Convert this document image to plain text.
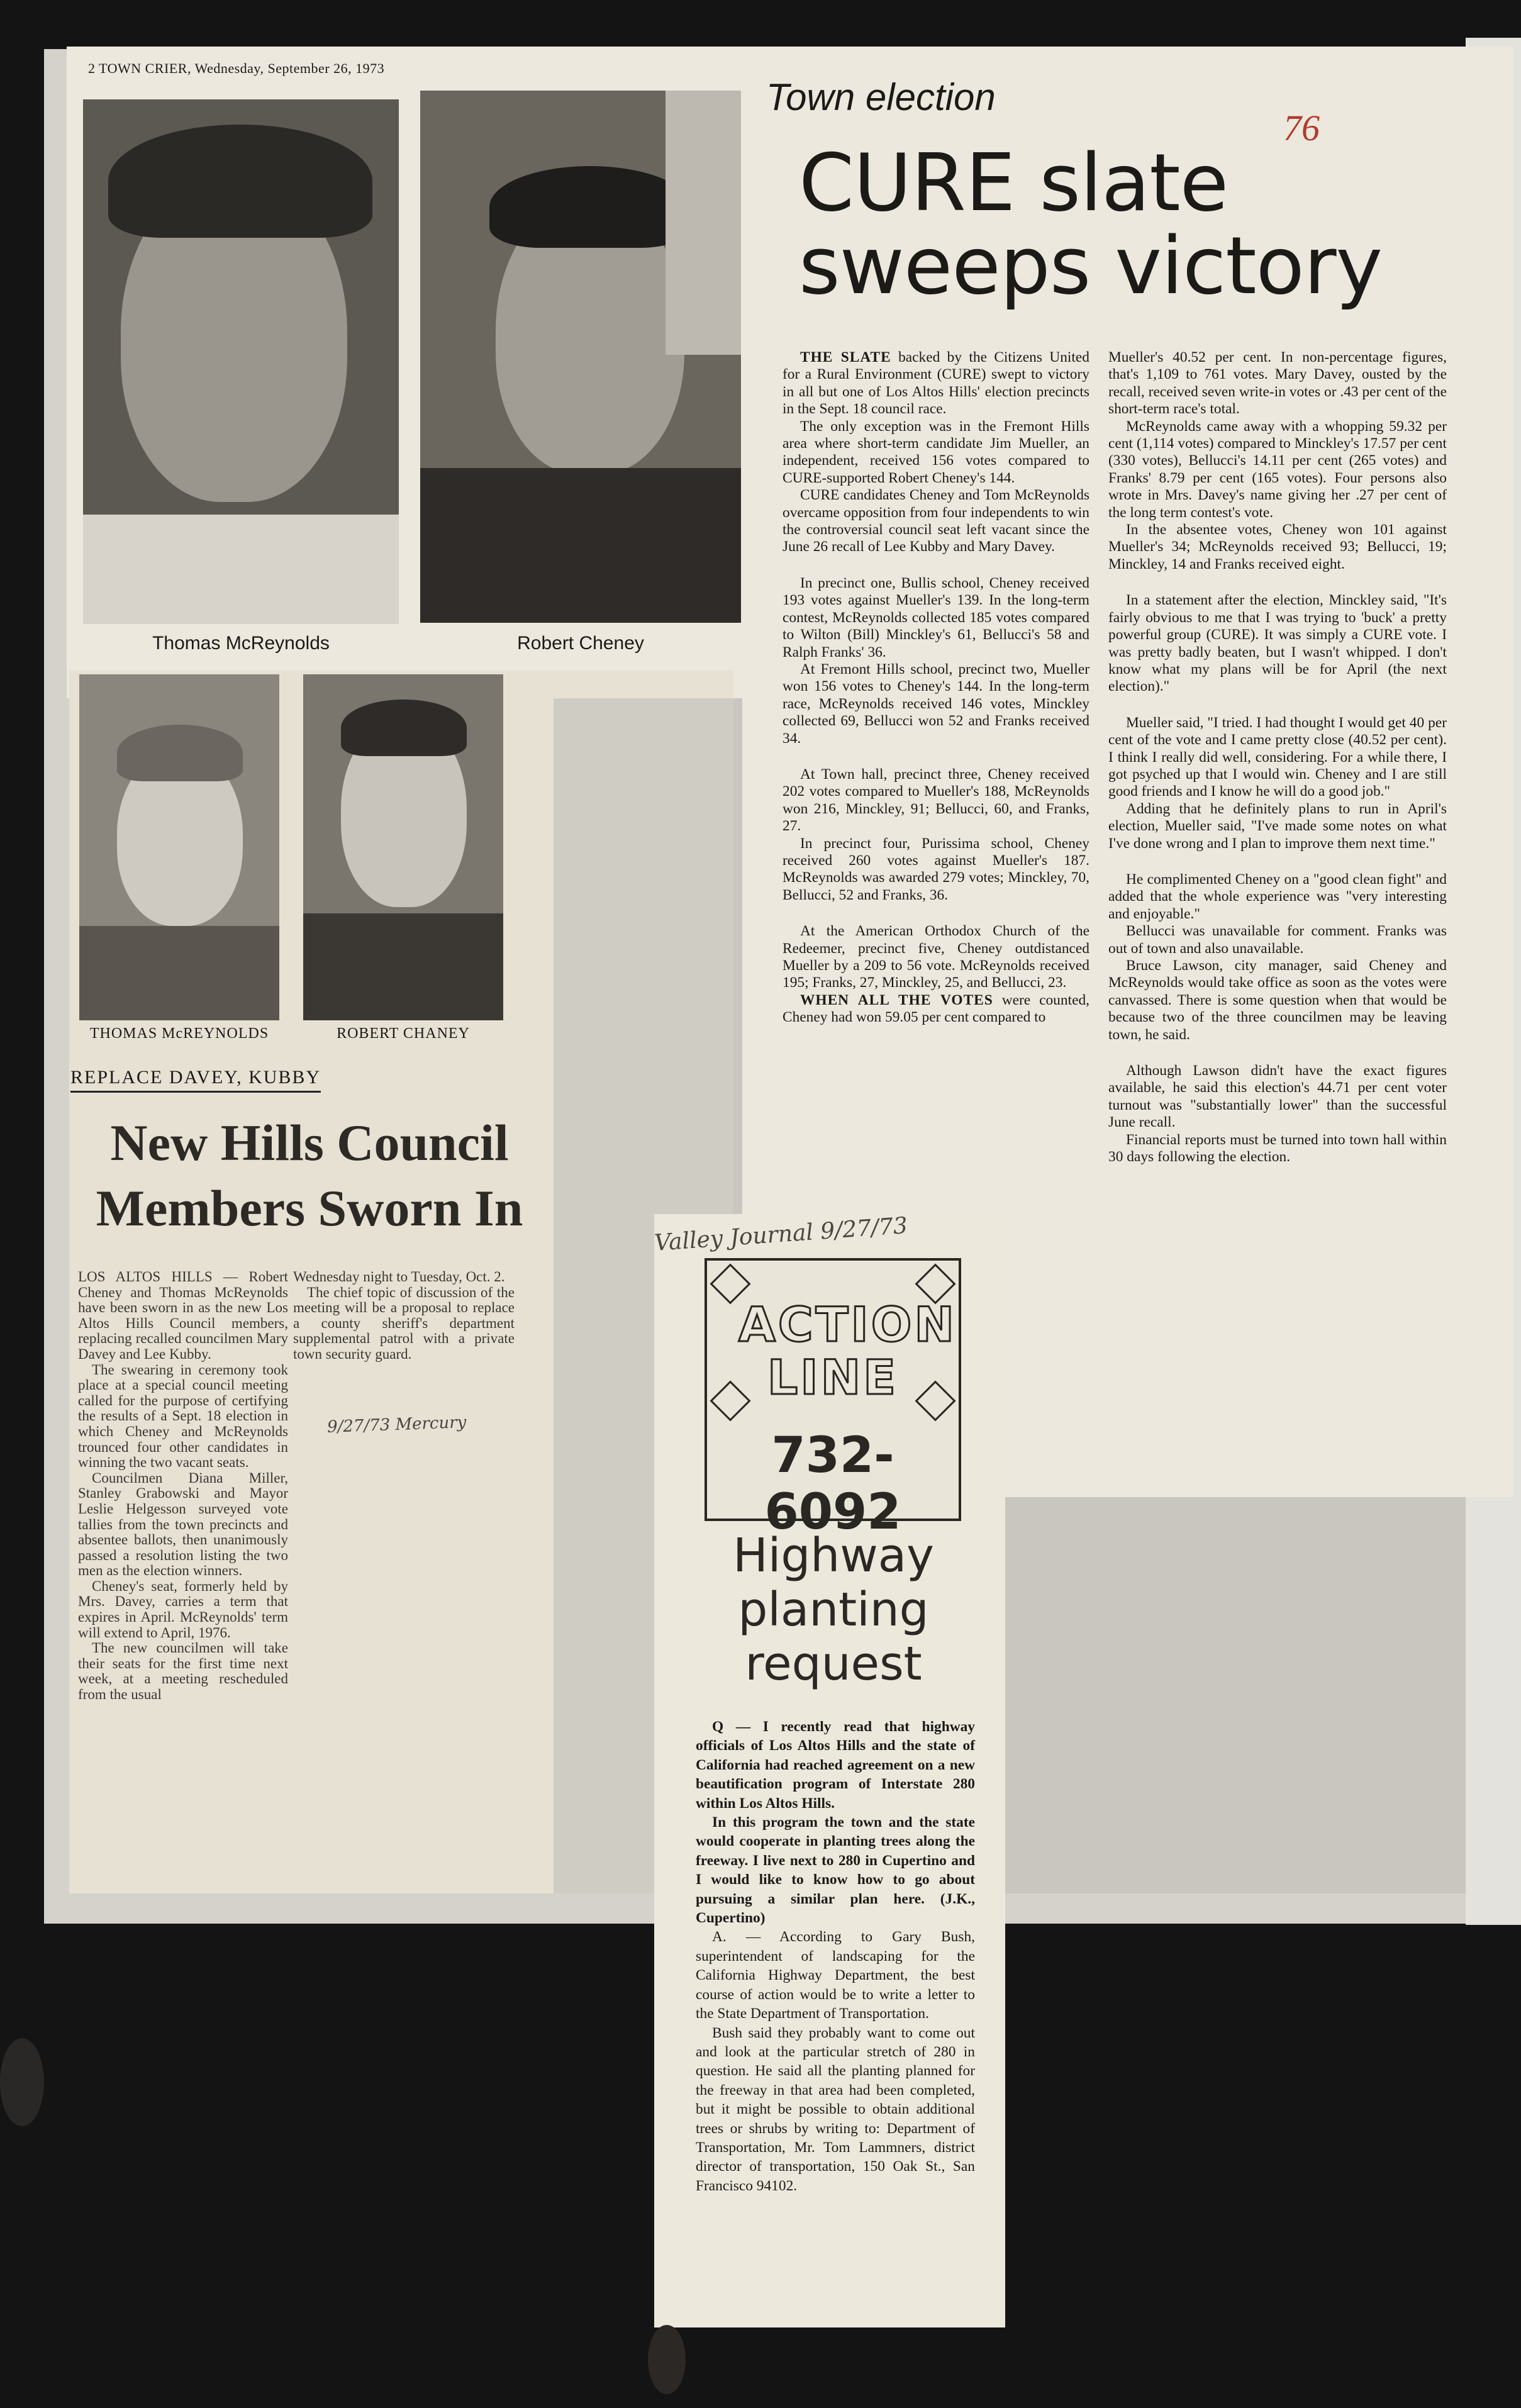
2 TOWN CRIER, Wednesday, September 26, 1973
76
Thomas McReynolds	Robert Cheney
Town election
CURE slate sweeps victory

THE SLATE backed by the Citizens United for a Rural Environment (CURE) swept to victory in all but one of Los Altos Hills' election precincts in the Sept. 18 council race.

The only exception was in the Fremont Hills area where short-term candidate Jim Mueller, an independent, received 156 votes compared to CURE-supported Robert Cheney's 144.

CURE candidates Cheney and Tom McReynolds overcame opposition from four independents to win the controversial council seat left vacant since the June 26 recall of Lee Kubby and Mary Davey.

In precinct one, Bullis school, Cheney received 193 votes against Mueller's 139. In the long-term contest, McReynolds collected 185 votes compared to Wilton (Bill) Minckley's 61, Bellucci's 58 and Ralph Franks' 36.

At Fremont Hills school, precinct two, Mueller won 156 votes to Cheney's 144. In the long-term race, McReynolds received 146 votes, Minckley collected 69, Bellucci won 52 and Franks received 34.

At Town hall, precinct three, Cheney received 202 votes compared to Mueller's 188, McReynolds won 216, Minckley, 91; Bellucci, 60, and Franks, 27.

In precinct four, Purissima school, Cheney received 260 votes against Mueller's 187. McReynolds was awarded 279 votes; Minckley, 70, Bellucci, 52 and Franks, 36.

At the American Orthodox Church of the Redeemer, precinct five, Cheney outdistanced Mueller by a 209 to 56 vote. McReynolds received 195; Franks, 27, Minckley, 25, and Bellucci, 23.

WHEN ALL THE VOTES were counted, Cheney had won 59.05 per cent compared to

Mueller's 40.52 per cent. In non-percentage figures, that's 1,109 to 761 votes. Mary Davey, ousted by the recall, received seven write-in votes or .43 per cent of the short-term race's total.

McReynolds came away with a whopping 59.32 per cent (1,114 votes) compared to Minckley's 17.57 per cent (330 votes), Bellucci's 14.11 per cent (265 votes) and Franks' 8.79 per cent (165 votes). Four persons also wrote in Mrs. Davey's name giving her .27 per cent of the long term contest's vote.

In the absentee votes, Cheney won 101 against Mueller's 34; McReynolds received 93; Bellucci, 19; Minckley, 14 and Franks received eight.

In a statement after the election, Minckley said, "It's fairly obvious to me that I was trying to 'buck' a pretty powerful group (CURE). It was simply a CURE vote. I was pretty badly beaten, but I wasn't whipped. I don't know what my plans will be for April (the next election)."

Mueller said, "I tried. I had thought I would get 40 per cent of the vote and I came pretty close (40.52 per cent). I think I really did well, considering. For a while there, I got psyched up that I would win. Cheney and I are still good friends and I know he will do a good job."

Adding that he definitely plans to run in April's election, Mueller said, "I've made some notes on what I've done wrong and I plan to improve them next time."

He complimented Cheney on a "good clean fight" and added that the whole experience was "very interesting and enjoyable."

Bellucci was unavailable for comment. Franks was out of town and also unavailable.

Bruce Lawson, city manager, said Cheney and McReynolds would take office as soon as the votes were canvassed. There is some question when that would be because two of the three councilmen may be leaving town, he said.

Although Lawson didn't have the exact figures available, he said this election's 44.71 per cent voter turnout was "substantially lower" than the successful June recall.

Financial reports must be turned into town hall within 30 days following the election.

THOMAS McREYNOLDS	ROBERT CHANEY
REPLACE DAVEY, KUBBY
New Hills Council Members Sworn In

LOS ALTOS HILLS — Robert Cheney and Thomas McReynolds have been sworn in as the new Los Altos Hills Council members, replacing recalled councilmen Mary Davey and Lee Kubby.

The swearing in ceremony took place at a special council meeting called for the purpose of certifying the results of a Sept. 18 election in which Cheney and McReynolds trounced four other candidates in winning the two vacant seats.

Councilmen Diana Miller, Stanley Grabowski and Mayor Leslie Helgesson surveyed vote tallies from the town precincts and absentee ballots, then unanimously passed a resolution listing the two men as the election winners.

Cheney's seat, formerly held by Mrs. Davey, carries a term that expires in April. McReynolds' term will extend to April, 1976.

The new councilmen will take their seats for the first time next week, at a meeting rescheduled from the usual

Wednesday night to Tuesday, Oct. 2.

The chief topic of discussion of the meeting will be a proposal to replace a county sheriff's department supplemental patrol with a private town security guard.

9/27/73 Mercury
Valley Journal 9/27/73
ACTION LINE
732-6092
Highway planting request

Q — I recently read that highway officials of Los Altos Hills and the state of California had reached agreement on a new beautification program of Interstate 280 within Los Altos Hills.

In this program the town and the state would cooperate in planting trees along the freeway. I live next to 280 in Cupertino and I would like to know how to go about pursuing a similar plan here. (J.K., Cupertino)

A. — According to Gary Bush, superintendent of landscaping for the California Highway Department, the best course of action would be to write a letter to the State Department of Transportation.

Bush said they probably want to come out and look at the particular stretch of 280 in question. He said all the planting planned for the freeway in that area had been completed, but it might be possible to obtain additional trees or shrubs by writing to: Department of Transportation, Mr. Tom Lammners, district director of transportation, 150 Oak St., San Francisco 94102.
